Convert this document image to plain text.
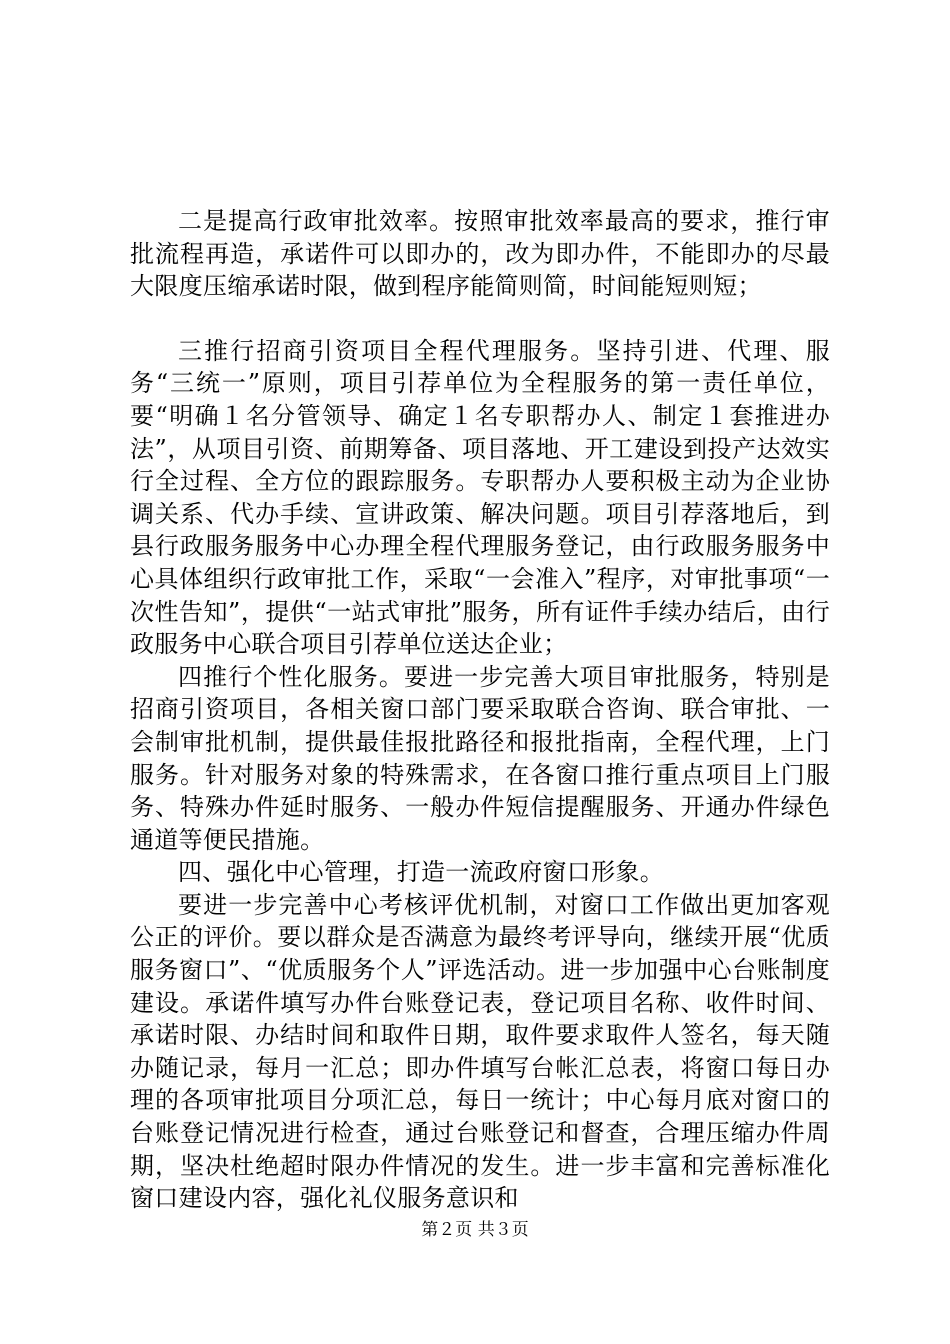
二是提高行政审批效率。按照审批效率最高的要求，推行审批流程再造，承诺件可以即办的，改为即办件，不能即办的尽最大限度压缩承诺时限，做到程序能简则简，时间能短则短；

三推行招商引资项目全程代理服务。坚持引进、代理、服务“三统一”原则，项目引荐单位为全程服务的第一责任单位，要“明确１名分管领导、确定１名专职帮办人、制定１套推进办法”，从项目引资、前期筹备、项目落地、开工建设到投产达效实行全过程、全方位的跟踪服务。专职帮办人要积极主动为企业协调关系、代办手续、宣讲政策、解决问题。项目引荐落地后，到县行政服务服务中心办理全程代理服务登记，由行政服务服务中心具体组织行政审批工作，采取“一会准入”程序，对审批事项“一次性告知”，提供“一站式审批”服务，所有证件手续办结后，由行政服务中心联合项目引荐单位送达企业；

四推行个性化服务。要进一步完善大项目审批服务，特别是招商引资项目，各相关窗口部门要采取联合咨询、联合审批、一会制审批机制，提供最佳报批路径和报批指南，全程代理，上门服务。针对服务对象的特殊需求，在各窗口推行重点项目上门服务、特殊办件延时服务、一般办件短信提醒服务、开通办件绿色通道等便民措施。

四、强化中心管理，打造一流政府窗口形象。

要进一步完善中心考核评优机制，对窗口工作做出更加客观公正的评价。要以群众是否满意为最终考评导向，继续开展“优质服务窗口”、“优质服务个人”评选活动。进一步加强中心台账制度建设。承诺件填写办件台账登记表，登记项目名称、收件时间、承诺时限、办结时间和取件日期，取件要求取件人签名，每天随办随记录，每月一汇总；即办件填写台帐汇总表，将窗口每日办理的各项审批项目分项汇总，每日一统计；中心每月底对窗口的台账登记情况进行检查，通过台账登记和督查，合理压缩办件周期，坚决杜绝超时限办件情况的发生。进一步丰富和完善标准化窗口建设内容，强化礼仪服务意识和

第２页 共３页
